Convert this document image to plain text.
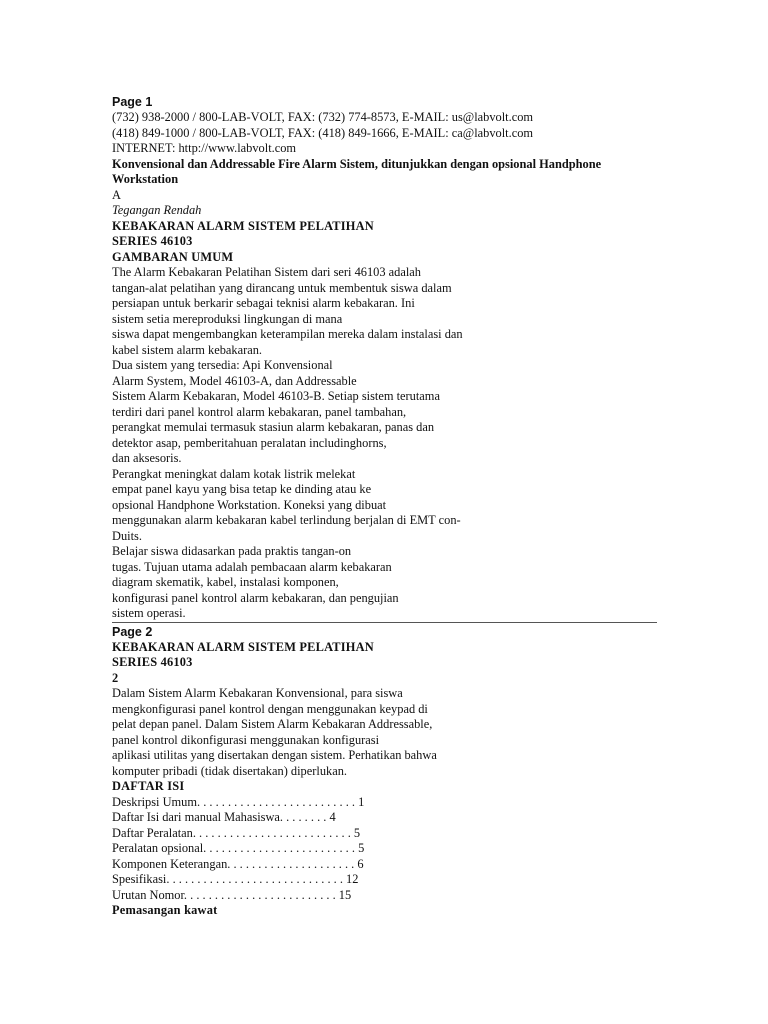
Page 1
(732) 938-2000 / 800-LAB-VOLT, FAX: (732) 774-8573, E-MAIL: us@labvolt.com
(418) 849-1000 / 800-LAB-VOLT, FAX: (418) 849-1666, E-MAIL: ca@labvolt.com
INTERNET: http://www.labvolt.com
Konvensional dan Addressable Fire Alarm Sistem, ditunjukkan dengan opsional Handphone Workstation
A
Tegangan Rendah
KEBAKARAN ALARM SISTEM PELATIHAN
SERIES 46103
GAMBARAN UMUM
The Alarm Kebakaran Pelatihan Sistem dari seri 46103 adalah
tangan-alat pelatihan yang dirancang untuk membentuk siswa dalam
persiapan untuk berkarir sebagai teknisi alarm kebakaran. Ini
sistem setia mereproduksi lingkungan di mana
siswa dapat mengembangkan keterampilan mereka dalam instalasi dan
kabel sistem alarm kebakaran.
Dua sistem yang tersedia: Api Konvensional
Alarm System, Model 46103-A, dan Addressable
Sistem Alarm Kebakaran, Model 46103-B. Setiap sistem terutama
terdiri dari panel kontrol alarm kebakaran, panel tambahan,
perangkat memulai termasuk stasiun alarm kebakaran, panas dan
detektor asap, pemberitahuan peralatan includinghorns,
dan aksesoris.
Perangkat meningkat dalam kotak listrik melekat
empat panel kayu yang bisa tetap ke dinding atau ke
opsional Handphone Workstation. Koneksi yang dibuat
menggunakan alarm kebakaran kabel terlindung berjalan di EMT con-
Duits.
Belajar siswa didasarkan pada praktis tangan-on
tugas. Tujuan utama adalah pembacaan alarm kebakaran
diagram skematik, kabel, instalasi komponen,
konfigurasi panel kontrol alarm kebakaran, dan pengujian
sistem operasi.
Page 2
KEBAKARAN ALARM SISTEM PELATIHAN
SERIES 46103
2
Dalam Sistem Alarm Kebakaran Konvensional, para siswa
mengkonfigurasi panel kontrol dengan menggunakan keypad di
pelat depan panel. Dalam Sistem Alarm Kebakaran Addressable,
panel kontrol dikonfigurasi menggunakan konfigurasi
aplikasi utilitas yang disertakan dengan sistem. Perhatikan bahwa
komputer pribadi (tidak disertakan) diperlukan.
DAFTAR ISI
Deskripsi Umum. . . . . . . . . . . . . . . . . . . . . . . . . . 1
Daftar Isi dari manual Mahasiswa. . . . . . . . 4
Daftar Peralatan. . . . . . . . . . . . . . . . . . . . . . . . . . 5
Peralatan opsional. . . . . . . . . . . . . . . . . . . . . . . . . 5
Komponen Keterangan. . . . . . . . . . . . . . . . . . . . . 6
Spesifikasi. . . . . . . . . . . . . . . . . . . . . . . . . . . . . 12
Urutan Nomor. . . . . . . . . . . . . . . . . . . . . . . . . 15
Pemasangan kawat
